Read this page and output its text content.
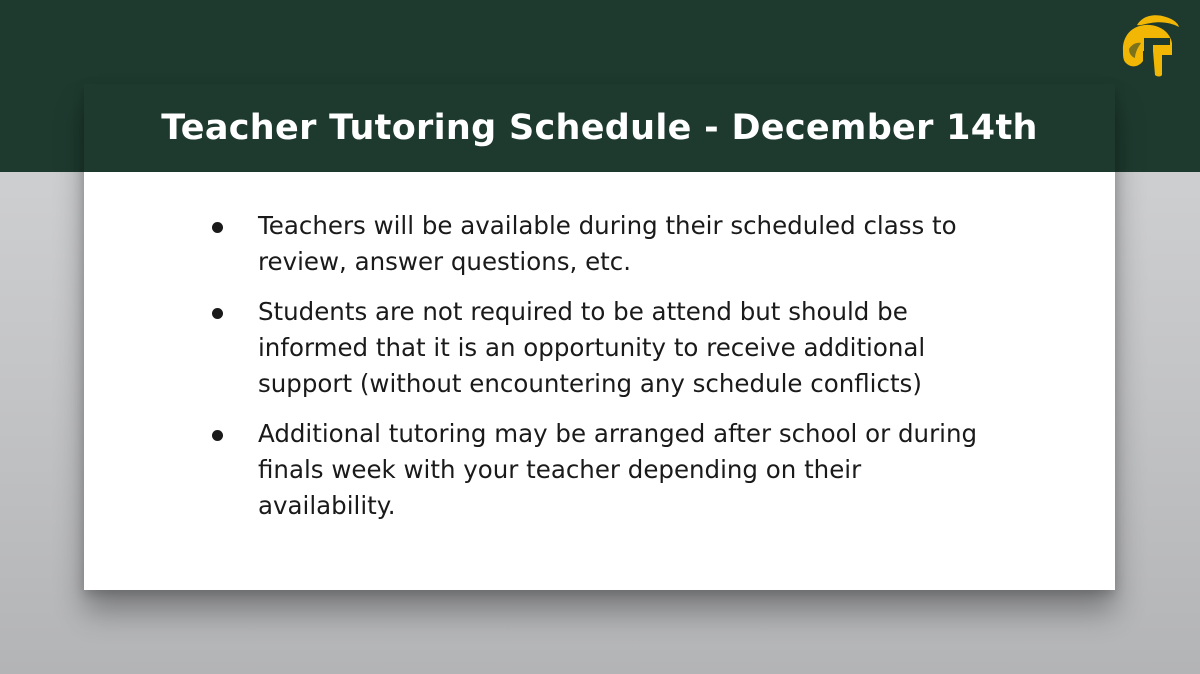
Teacher Tutoring Schedule - December 14th
Teachers will be available during their scheduled class to review, answer questions, etc.
Students are not required to be attend but should be informed that it is an opportunity to receive additional support (without encountering any schedule conflicts)
Additional tutoring may be arranged after school or during finals week with your teacher depending on their availability.
